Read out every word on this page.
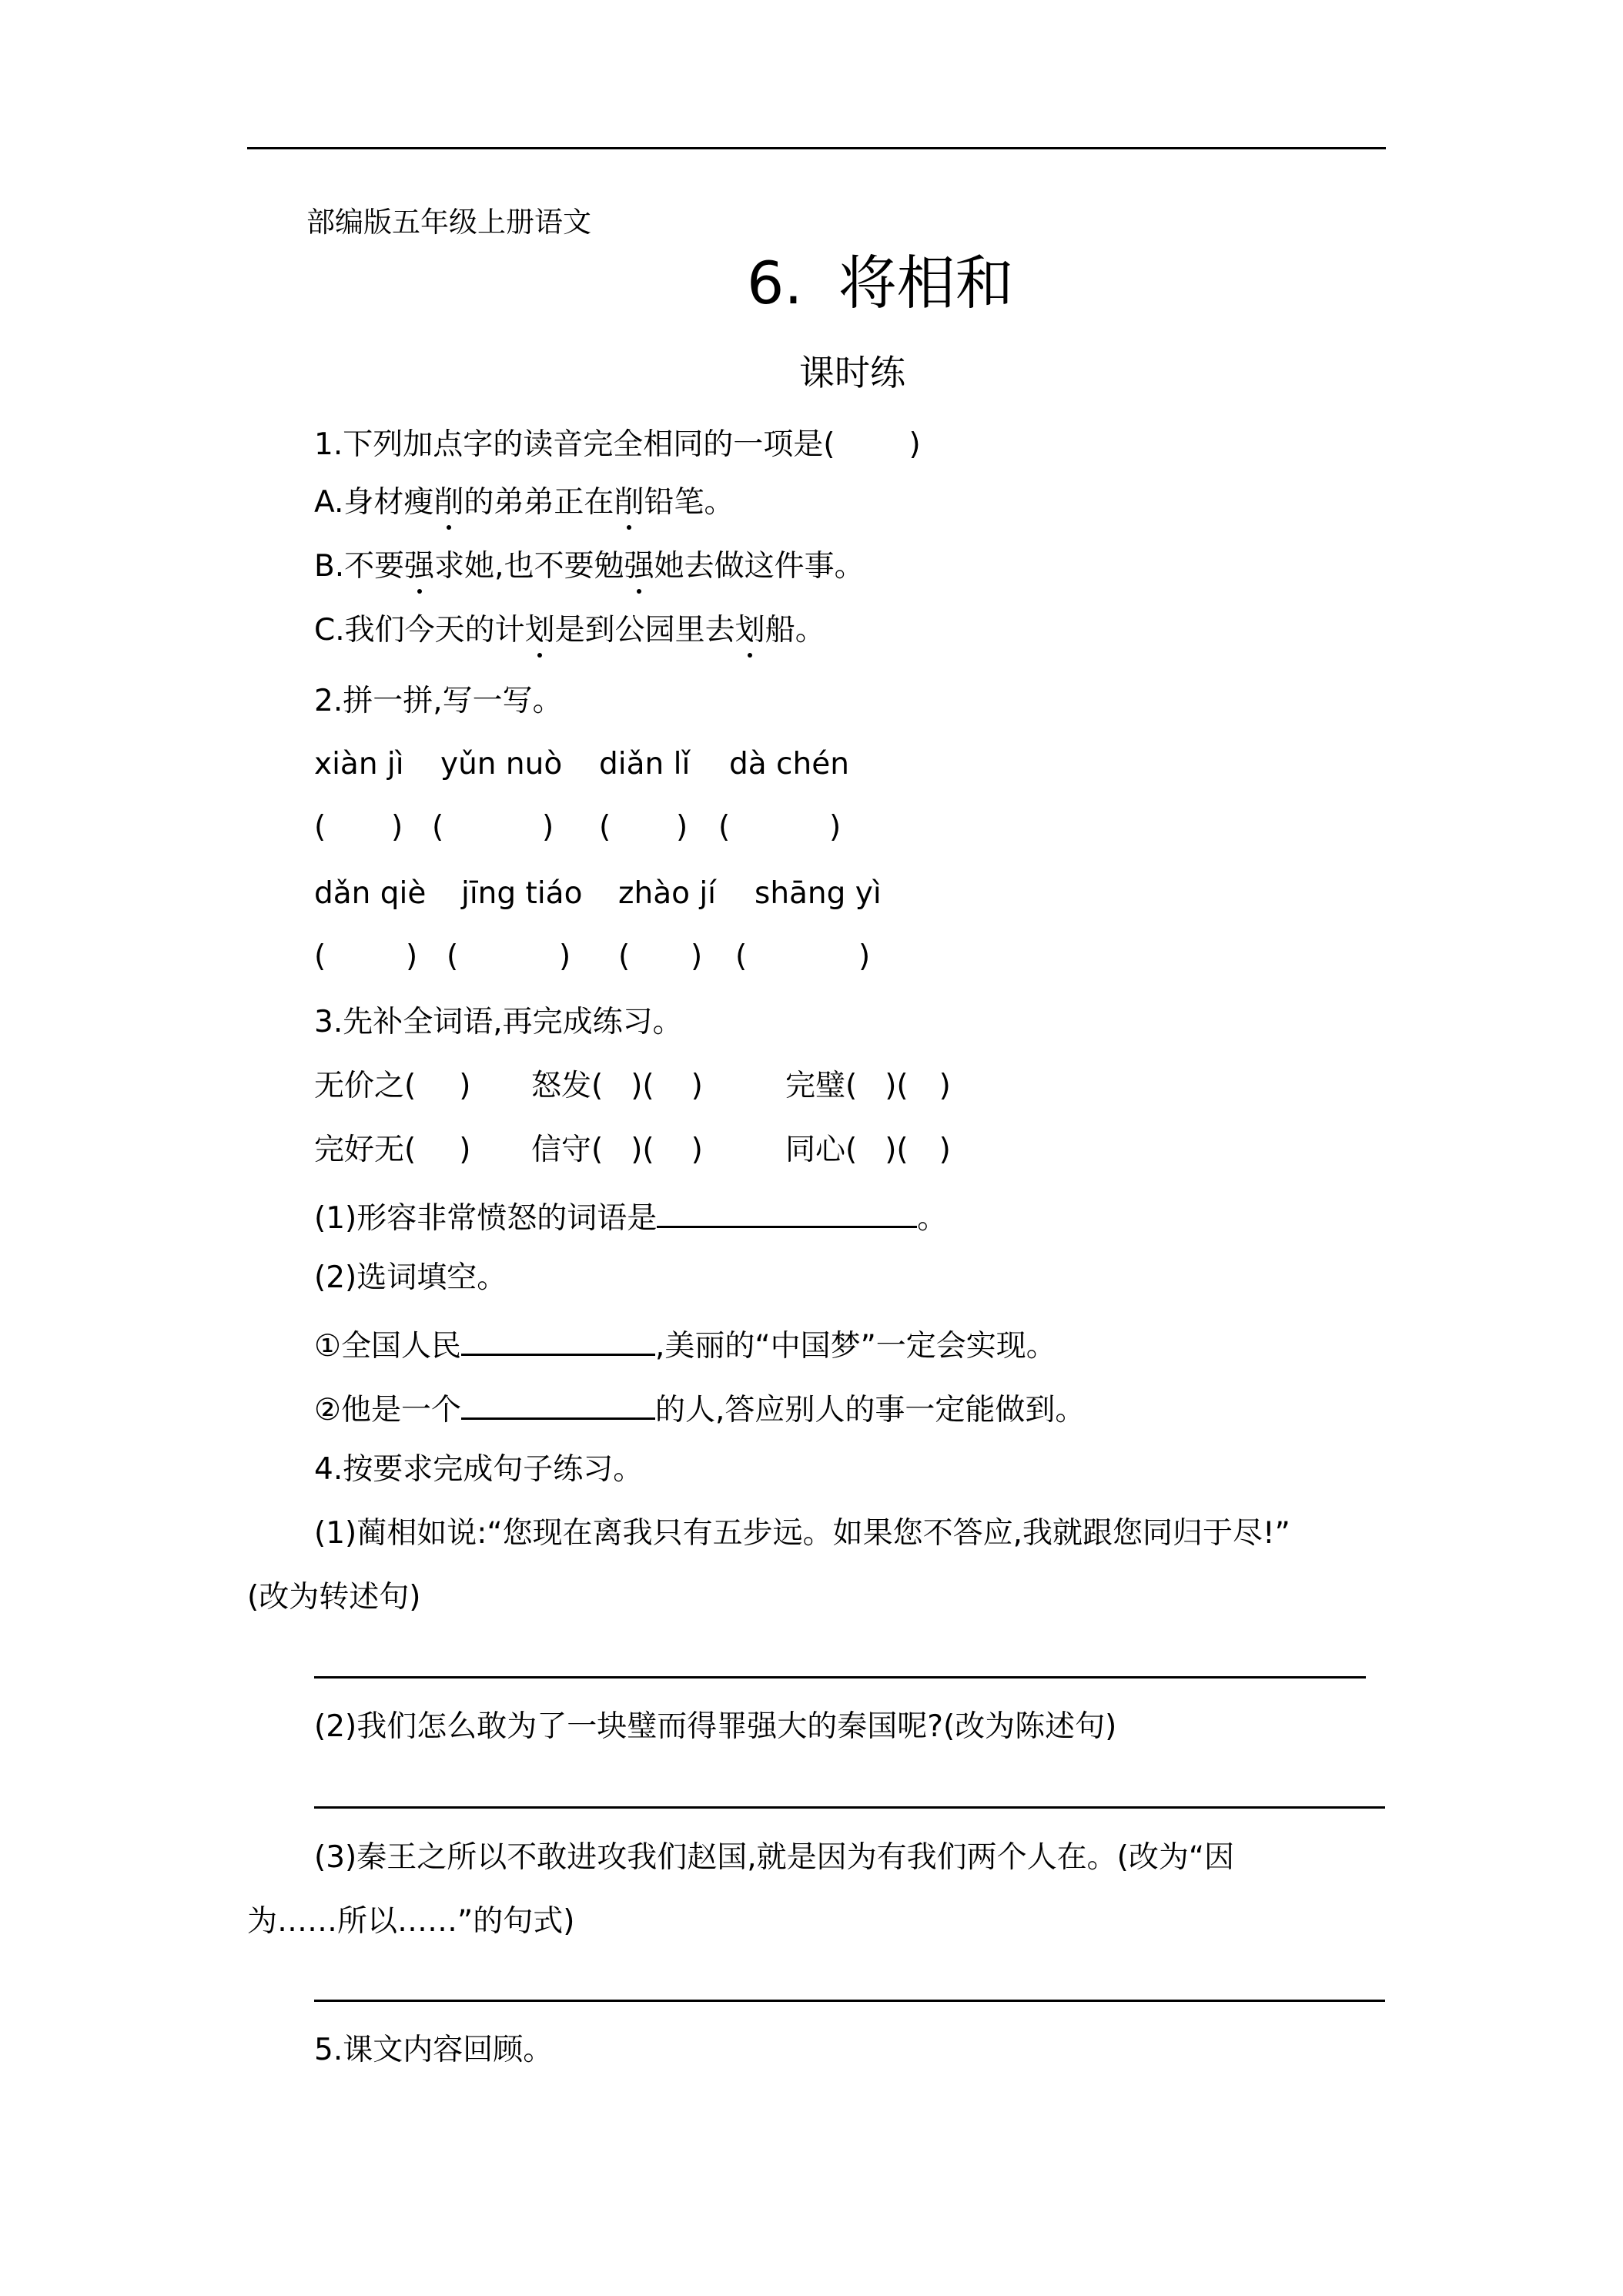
部编版五年级上册语文
6. 将相和
课时练
1.下列加点字的读音完全相同的一项是( )
A.身材瘦削的弟弟正在削铅笔。
B.不要强求她,也不要勉强她去做这件事。
C.我们今天的计划是到公园里去划船。
2.拼一拼,写一写。
xiàn jì yǔn nuò diǎn lǐ dà chén
( ) (	) ( ) (	)
dǎn qiè jīng tiáo zhào jí shāng yì
(	) (	) ( ) (	)
3.先补全词语,再完成练习。
无价之( ) 怒发( )( )	完璧( )( )
完好无( ) 信守( )( )	同心( )( )
(1)形容非常愤怒的词语是	。
(2)选词填空。
①全国人民	,美丽的“中国梦”一定会实现。
②他是一个	的人,答应别人的事一定能做到。
4.按要求完成句子练习。
(1)蔺相如说:“您现在离我只有五步远。如果您不答应,我就跟您同归于尽!”
(改为转述句)
(2)我们怎么敢为了一块璧而得罪强大的秦国呢?(改为陈述句)
(3)秦王之所以不敢进攻我们赵国,就是因为有我们两个人在。(改为“因
为……所以……”的句式)
5.课文内容回顾。
